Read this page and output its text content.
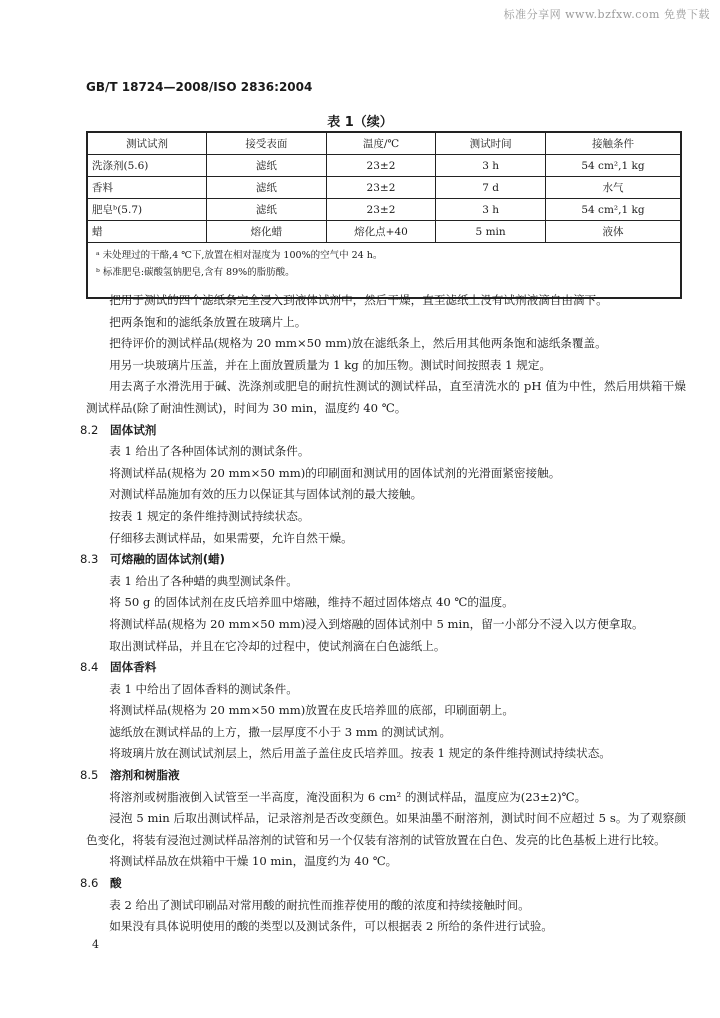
标准分享网 www.bzfxw.com 免费下载
GB/T 18724—2008/ISO 2836:2004
表 1（续）
测试试剂	接受表面	温度/℃	测试时间	接触条件
洗涤剂(5.6)	滤纸	23±2	3 h	54 cm²,1 kg
香料	滤纸	23±2	7 d	水气
肥皂ᵇ(5.7)	滤纸	23±2	3 h	54 cm²,1 kg
蜡	熔化蜡	熔化点+40	5 min	液体

ᵃ 未处理过的干酪,4 ℃下,放置在相对湿度为 100%的空气中 24 h。
ᵇ 标准肥皂:碳酸氢钠肥皂,含有 89%的脂肪酸。				

把用于测试的四个滤纸条完全浸入到液体试剂中，然后干燥，直至滤纸上没有试剂液滴自由滴下。

把两条饱和的滤纸条放置在玻璃片上。

把待评价的测试样品(规格为 20 mm×50 mm)放在滤纸条上，然后用其他两条饱和滤纸条覆盖。

用另一块玻璃片压盖，并在上面放置质量为 1 kg 的加压物。测试时间按照表 1 规定。

用去离子水滑洗用于碱、洗涤剂或肥皂的耐抗性测试的测试样品，直至清洗水的 pH 值为中性，然后用烘箱干燥测试样品(除了耐油性测试)，时间为 30 min，温度约 40 ℃。

8.2 固体试剂

表 1 给出了各种固体试剂的测试条件。

将测试样品(规格为 20 mm×50 mm)的印刷面和测试用的固体试剂的光滑面紧密接触。

对测试样品施加有效的压力以保证其与固体试剂的最大接触。

按表 1 规定的条件维持测试持续状态。

仔细移去测试样品，如果需要，允许自然干燥。

8.3 可熔融的固体试剂(蜡)

表 1 给出了各种蜡的典型测试条件。

将 50 g 的固体试剂在皮氏培养皿中熔融，维持不超过固体熔点 40 ℃的温度。

将测试样品(规格为 20 mm×50 mm)浸入到熔融的固体试剂中 5 min，留一小部分不浸入以方便拿取。

取出测试样品，并且在它冷却的过程中，使试剂滴在白色滤纸上。

8.4 固体香料

表 1 中给出了固体香料的测试条件。

将测试样品(规格为 20 mm×50 mm)放置在皮氏培养皿的底部，印刷面朝上。

滤纸放在测试样品的上方，撒一层厚度不小于 3 mm 的测试试剂。

将玻璃片放在测试试剂层上，然后用盖子盖住皮氏培养皿。按表 1 规定的条件维持测试持续状态。

8.5 溶剂和树脂液

将溶剂或树脂液倒入试管至一半高度，淹没面积为 6 cm² 的测试样品，温度应为(23±2)℃。

浸泡 5 min 后取出测试样品，记录溶剂是否改变颜色。如果油墨不耐溶剂，测试时间不应超过 5 s。为了观察颜色变化，将装有浸泡过测试样品溶剂的试管和另一个仅装有溶剂的试管放置在白色、发亮的比色基板上进行比较。

将测试样品放在烘箱中干燥 10 min，温度约为 40 ℃。

8.6 酸

表 2 给出了测试印刷品对常用酸的耐抗性而推荐使用的酸的浓度和持续接触时间。

如果没有具体说明使用的酸的类型以及测试条件，可以根据表 2 所给的条件进行试验。

4
